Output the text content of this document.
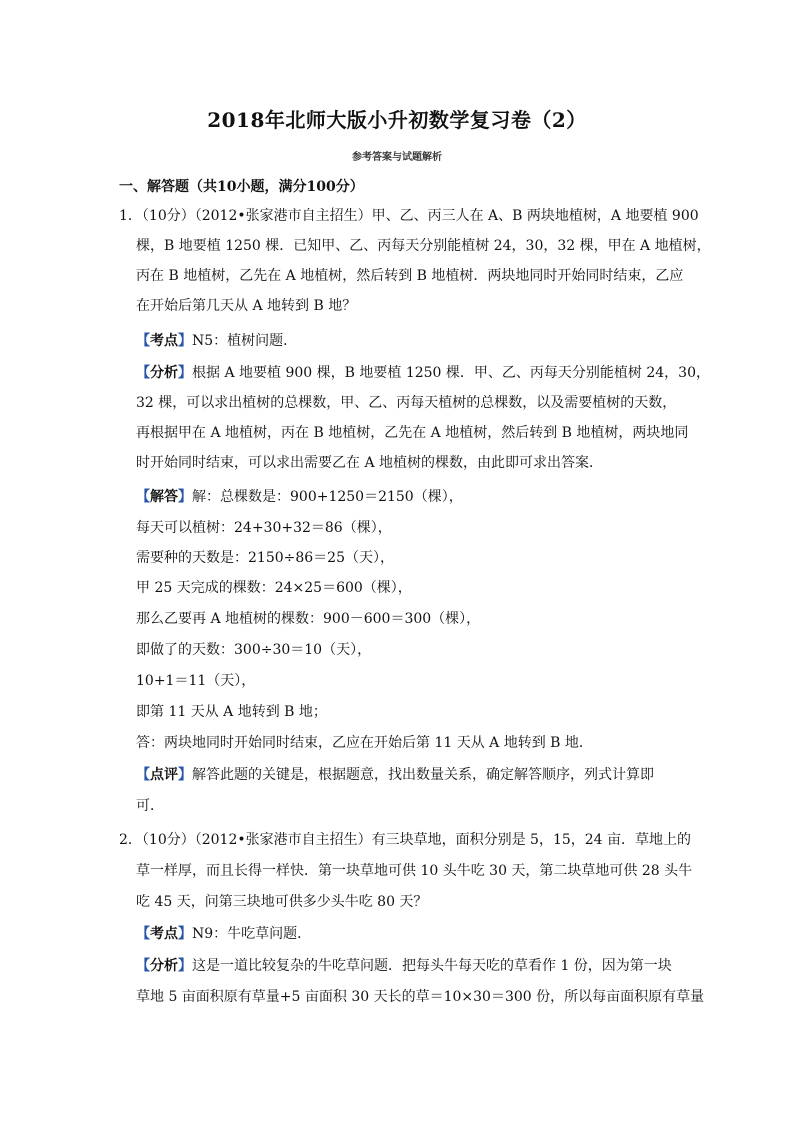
2018年北师大版小升初数学复习卷（2）
参考答案与试题解析
一、解答题（共10小题，满分100分）
1．（10分）（2012•张家港市自主招生）甲、乙、丙三人在 A、B 两块地植树，A 地要植 900
棵，B 地要植 1250 棵．已知甲、乙、丙每天分别能植树 24，30，32 棵，甲在 A 地植树，
丙在 B 地植树，乙先在 A 地植树，然后转到 B 地植树．两块地同时开始同时结束，乙应
在开始后第几天从 A 地转到 B 地？
【考点】N5：植树问题．
【分析】根据 A 地要植 900 棵，B 地要植 1250 棵．甲、乙、丙每天分别能植树 24，30，
32 棵，可以求出植树的总棵数，甲、乙、丙每天植树的总棵数，以及需要植树的天数，
再根据甲在 A 地植树，丙在 B 地植树，乙先在 A 地植树，然后转到 B 地植树，两块地同
时开始同时结束，可以求出需要乙在 A 地植树的棵数，由此即可求出答案．
【解答】解：总棵数是：900+1250＝2150（棵），
每天可以植树：24+30+32＝86（棵），
需要种的天数是：2150÷86＝25（天），
甲 25 天完成的棵数：24×25＝600（棵），
那么乙要再 A 地植树的棵数：900－600＝300（棵），
即做了的天数：300÷30＝10（天），
10+1＝11（天），
即第 11 天从 A 地转到 B 地；
答：两块地同时开始同时结束，乙应在开始后第 11 天从 A 地转到 B 地．
【点评】解答此题的关键是，根据题意，找出数量关系，确定解答顺序，列式计算即
可．
2．（10分）（2012•张家港市自主招生）有三块草地，面积分别是 5，15，24 亩．草地上的
草一样厚，而且长得一样快．第一块草地可供 10 头牛吃 30 天，第二块草地可供 28 头牛
吃 45 天，问第三块地可供多少头牛吃 80 天？
【考点】N9：牛吃草问题．
【分析】这是一道比较复杂的牛吃草问题．把每头牛每天吃的草看作 1 份，因为第一块
草地 5 亩面积原有草量+5 亩面积 30 天长的草＝10×30＝300 份，所以每亩面积原有草量
